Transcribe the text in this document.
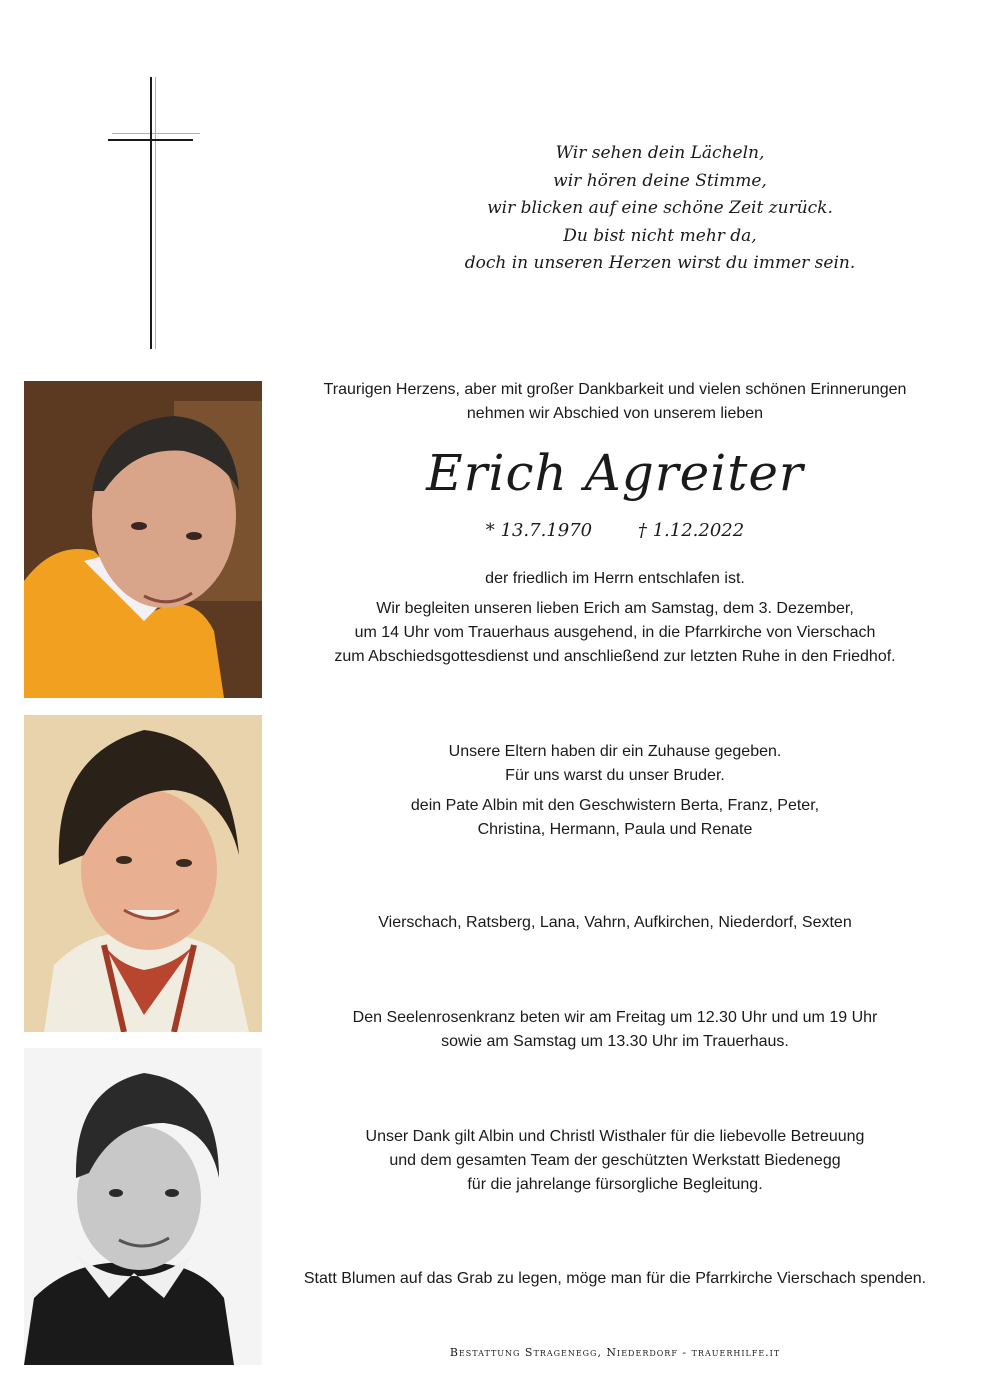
Wir sehen dein Lächeln,
wir hören deine Stimme,
wir blicken auf eine schöne Zeit zurück.
Du bist nicht mehr da,
doch in unseren Herzen wirst du immer sein.
Traurigen Herzens, aber mit großer Dankbarkeit und vielen schönen Erinnerungen
nehmen wir Abschied von unserem lieben
Erich Agreiter
* 13.7.1970	† 1.12.2022
der friedlich im Herrn entschlafen ist.
Wir begleiten unseren lieben Erich am Samstag, dem 3. Dezember,
um 14 Uhr vom Trauerhaus ausgehend, in die Pfarrkirche von Vierschach
zum Abschiedsgottesdienst und anschließend zur letzten Ruhe in den Friedhof.
Unsere Eltern haben dir ein Zuhause gegeben.
Für uns warst du unser Bruder.
dein Pate Albin mit den Geschwistern Berta, Franz, Peter,
Christina, Hermann, Paula und Renate
Vierschach, Ratsberg, Lana, Vahrn, Aufkirchen, Niederdorf, Sexten
Den Seelenrosenkranz beten wir am Freitag um 12.30 Uhr und um 19 Uhr
sowie am Samstag um 13.30 Uhr im Trauerhaus.
Unser Dank gilt Albin und Christl Wisthaler für die liebevolle Betreuung
und dem gesamten Team der geschützten Werkstatt Biedenegg
für die jahrelange fürsorgliche Begleitung.
Statt Blumen auf das Grab zu legen, möge man für die Pfarrkirche Vierschach spenden.
Bestattung Stragenegg, Niederdorf - trauerhilfe.it
